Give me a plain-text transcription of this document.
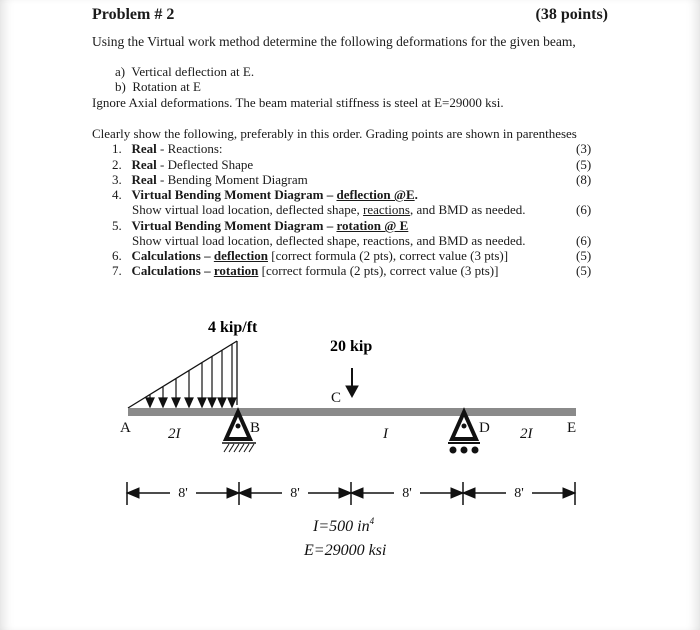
Problem # 2	(38 points)
Using the Virtual work method determine the following deformations for the given beam,
a) Vertical deflection at E.
b) Rotation at E
Ignore Axial deformations. The beam material stiffness is steel at E=29000 ksi.
Clearly show the following, preferably in this order. Grading points are shown in parentheses
1. Real - Reactions:	(3)
2. Real - Deflected Shape	(5)
3. Real - Bending Moment Diagram	(8)
4. Virtual Bending Moment Diagram – deflection @E.
Show virtual load location, deflected shape, reactions, and BMD as needed.	(6)
5. Virtual Bending Moment Diagram – rotation @ E
Show virtual load location, deflected shape, reactions, and BMD as needed.	(6)
6. Calculations – deflection [correct formula (2 pts), correct value (3 pts)]	(5)
7. Calculations – rotation [correct formula (2 pts), correct value (3 pts)]	(5)
4 kip/ft
20 kip
A	B
C
D	E
2I	I	2I
8'	8'	8'	8'
I=500 $in^4$
E=29000 ksi
